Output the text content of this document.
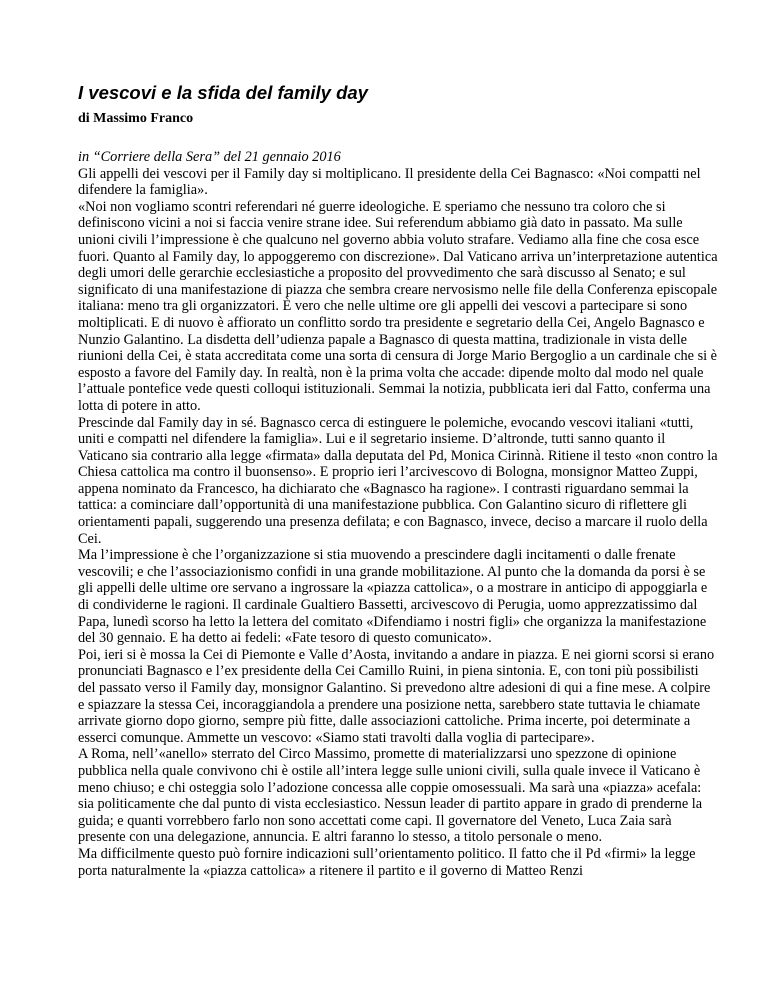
I vescovi e la sfida del family day
di Massimo Franco
in “Corriere della Sera” del 21 gennaio 2016

Gli appelli dei vescovi per il Family day si moltiplicano. Il presidente della Cei Bagnasco: «Noi compatti nel difendere la famiglia».

«Noi non vogliamo scontri referendari né guerre ideologiche. E speriamo che nessuno tra coloro che si definiscono vicini a noi si faccia venire strane idee. Sui referendum abbiamo già dato in passato. Ma sulle unioni civili l’impressione è che qualcuno nel governo abbia voluto strafare. Vediamo alla fine che cosa esce fuori. Quanto al Family day, lo appoggeremo con discrezione». Dal Vaticano arriva un’interpretazione autentica degli umori delle gerarchie ecclesiastiche a proposito del provvedimento che sarà discusso al Senato; e sul significato di una manifestazione di piazza che sembra creare nervosismo nelle file della Conferenza episcopale italiana: meno tra gli organizzatori. È vero che nelle ultime ore gli appelli dei vescovi a partecipare si sono moltiplicati. E di nuovo è affiorato un conflitto sordo tra presidente e segretario della Cei, Angelo Bagnasco e Nunzio Galantino. La disdetta dell’udienza papale a Bagnasco di questa mattina, tradizionale in vista delle riunioni della Cei, è stata accreditata come una sorta di censura di Jorge Mario Bergoglio a un cardinale che si è esposto a favore del Family day. In realtà, non è la prima volta che accade: dipende molto dal modo nel quale l’attuale pontefice vede questi colloqui istituzionali. Semmai la notizia, pubblicata ieri dal Fatto, conferma una lotta di potere in atto.

Prescinde dal Family day in sé. Bagnasco cerca di estinguere le polemiche, evocando vescovi italiani «tutti, uniti e compatti nel difendere la famiglia». Lui e il segretario insieme. D’altronde, tutti sanno quanto il Vaticano sia contrario alla legge «firmata» dalla deputata del Pd, Monica Cirinnà. Ritiene il testo «non contro la Chiesa cattolica ma contro il buonsenso». E proprio ieri l’arcivescovo di Bologna, monsignor Matteo Zuppi, appena nominato da Francesco, ha dichiarato che «Bagnasco ha ragione». I contrasti riguardano semmai la tattica: a cominciare dall’opportunità di una manifestazione pubblica. Con Galantino sicuro di riflettere gli orientamenti papali, suggerendo una presenza defilata; e con Bagnasco, invece, deciso a marcare il ruolo della Cei.

Ma l’impressione è che l’organizzazione si stia muovendo a prescindere dagli incitamenti o dalle frenate vescovili; e che l’associazionismo confidi in una grande mobilitazione. Al punto che la domanda da porsi è se gli appelli delle ultime ore servano a ingrossare la «piazza cattolica», o a mostrare in anticipo di appoggiarla e di condividerne le ragioni. Il cardinale Gualtiero Bassetti, arcivescovo di Perugia, uomo apprezzatissimo dal Papa, lunedì scorso ha letto la lettera del comitato «Difendiamo i nostri figli» che organizza la manifestazione del 30 gennaio. E ha detto ai fedeli: «Fate tesoro di questo comunicato».

Poi, ieri si è mossa la Cei di Piemonte e Valle d’Aosta, invitando a andare in piazza. E nei giorni scorsi si erano pronunciati Bagnasco e l’ex presidente della Cei Camillo Ruini, in piena sintonia. E, con toni più possibilisti del passato verso il Family day, monsignor Galantino. Si prevedono altre adesioni di qui a fine mese. A colpire e spiazzare la stessa Cei, incoraggiandola a prendere una posizione netta, sarebbero state tuttavia le chiamate arrivate giorno dopo giorno, sempre più fitte, dalle associazioni cattoliche. Prima incerte, poi determinate a esserci comunque. Ammette un vescovo: «Siamo stati travolti dalla voglia di partecipare».

A Roma, nell’«anello» sterrato del Circo Massimo, promette di materializzarsi uno spezzone di opinione pubblica nella quale convivono chi è ostile all’intera legge sulle unioni civili, sulla quale invece il Vaticano è meno chiuso; e chi osteggia solo l’adozione concessa alle coppie omosessuali. Ma sarà una «piazza» acefala: sia politicamente che dal punto di vista ecclesiastico. Nessun leader di partito appare in grado di prenderne la guida; e quanti vorrebbero farlo non sono accettati come capi. Il governatore del Veneto, Luca Zaia sarà presente con una delegazione, annuncia. E altri faranno lo stesso, a titolo personale o meno.

Ma difficilmente questo può fornire indicazioni sull’orientamento politico. Il fatto che il Pd «firmi» la legge porta naturalmente la «piazza cattolica» a ritenere il partito e il governo di Matteo Renzi
